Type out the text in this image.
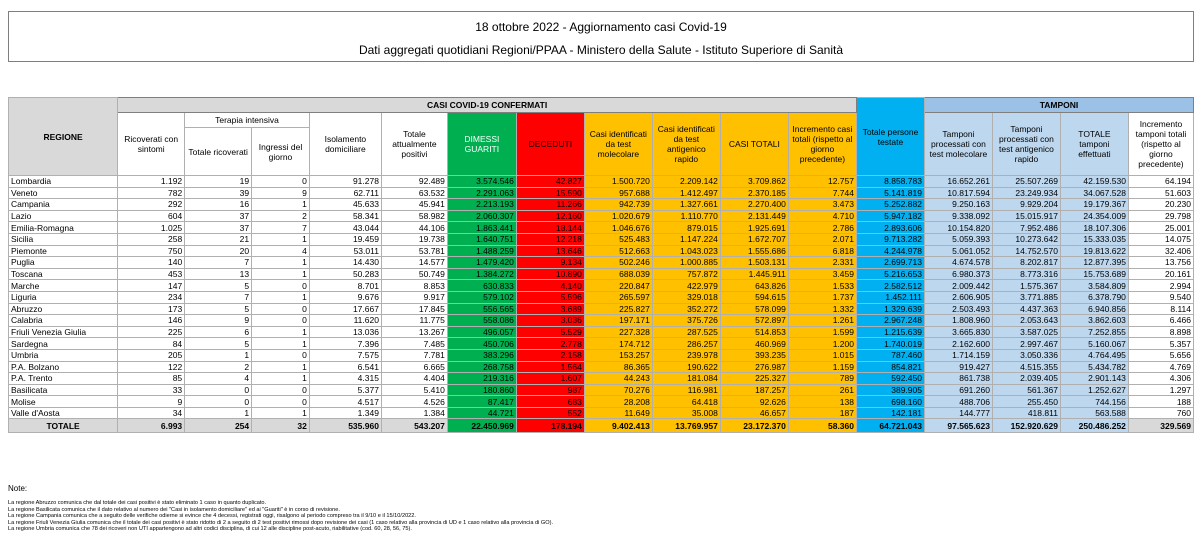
18 ottobre 2022 - Aggiornamento casi Covid-19
Dati aggregati quotidiani Regioni/PPAA - Ministero della Salute - Istituto Superiore di Sanità
REGIONE	CASI COVID-19 CONFERMATI											Totale persone testate	TAMPONI			
	Ricoverati con sintomi	Terapia intensiva		Isolamento domiciliare	Totale attualmente positivi	DIMESSI GUARITI	DECEDUTI	Casi identificati da test molecolare	Casi identificati da test antigenico rapido	CASI TOTALI	Incremento casi totali (rispetto al giorno precedente)		Tamponi processati con test molecolare	Tamponi processati con test antigenico rapido	TOTALE tamponi effettuati	Incremento tamponi totali (rispetto al giorno precedente)
		Totale ricoverati	Ingressi del giorno													
Lombardia	1.192	19	0	91.278	92.489	3.574.546	42.827	1.500.720	2.209.142	3.709.862	12.757	8.858.783	16.652.261	25.507.269	42.159.530	64.194
Veneto	782	39	9	62.711	63.532	2.291.063	15.590	957.688	1.412.497	2.370.185	7.744	5.141.819	10.817.594	23.249.934	34.067.528	51.603
Campania	292	16	1	45.633	45.941	2.213.193	11.266	942.739	1.327.661	2.270.400	3.473	5.252.882	9.250.163	9.929.204	19.179.367	20.230
Lazio	604	37	2	58.341	58.982	2.060.307	12.160	1.020.679	1.110.770	2.131.449	4.710	5.947.182	9.338.092	15.015.917	24.354.009	29.798
Emilia-Romagna	1.025	37	7	43.044	44.106	1.863.441	18.144	1.046.676	879.015	1.925.691	2.786	2.893.606	10.154.820	7.952.486	18.107.306	25.001
Sicilia	258	21	1	19.459	19.738	1.640.751	12.218	525.483	1.147.224	1.672.707	2.071	9.713.282	5.059.393	10.273.642	15.333.035	14.075
Piemonte	750	20	4	53.011	53.781	1.488.259	13.646	512.663	1.043.023	1.555.686	6.818	4.244.978	5.061.052	14.752.570	19.813.622	32.406
Puglia	140	7	1	14.430	14.577	1.479.420	9.134	502.246	1.000.885	1.503.131	2.331	2.699.713	4.674.578	8.202.817	12.877.395	13.756
Toscana	453	13	1	50.283	50.749	1.384.272	10.890	688.039	757.872	1.445.911	3.459	5.216.653	6.980.373	8.773.316	15.753.689	20.161
Marche	147	5	0	8.701	8.853	630.833	4.140	220.847	422.979	643.826	1.533	2.582.512	2.009.442	1.575.367	3.584.809	2.994
Liguria	234	7	1	9.676	9.917	579.102	5.596	265.597	329.018	594.615	1.737	1.452.111	2.606.905	3.771.885	6.378.790	9.540
Abruzzo	173	5	0	17.667	17.845	556.565	3.689	225.827	352.272	578.099	1.332	1.329.639	2.503.493	4.437.363	6.940.856	8.114
Calabria	146	9	0	11.620	11.775	558.086	3.036	197.171	375.726	572.897	1.261	2.967.248	1.808.960	2.053.643	3.862.603	6.466
Friuli Venezia Giulia	225	6	1	13.036	13.267	496.057	5.529	227.328	287.525	514.853	1.599	1.215.639	3.665.830	3.587.025	7.252.855	8.898
Sardegna	84	5	1	7.396	7.485	450.706	2.778	174.712	286.257	460.969	1.200	1.740.019	2.162.600	2.997.467	5.160.067	5.357
Umbria	205	1	0	7.575	7.781	383.296	2.158	153.257	239.978	393.235	1.015	787.460	1.714.159	3.050.336	4.764.495	5.656
P.A. Bolzano	122	2	1	6.541	6.665	268.758	1.564	86.365	190.622	276.987	1.159	854.821	919.427	4.515.355	5.434.782	4.769
P.A. Trento	85	4	1	4.315	4.404	219.316	1.607	44.243	181.084	225.327	789	592.450	861.738	2.039.405	2.901.143	4.306
Basilicata	33	0	0	5.377	5.410	180.860	987	70.276	116.981	187.257	261	389.905	691.260	561.367	1.252.627	1.297
Molise	9	0	0	4.517	4.526	87.417	683	28.208	64.418	92.626	138	698.160	488.706	255.450	744.156	188
Valle d'Aosta	34	1	1	1.349	1.384	44.721	552	11.649	35.008	46.657	187	142.181	144.777	418.811	563.588	760
TOTALE	6.993	254	32	535.960	543.207	22.450.969	178.194	9.402.413	13.769.957	23.172.370	58.360	64.721.043	97.565.623	152.920.629	250.486.252	329.569
Note:
La regione Abruzzo comunica che dal totale dei casi positivi è stato eliminato 1 caso in quanto duplicato.
La regione Basilicata comunica che il dato relativo al numero dei "Casi in isolamento domiciliare" ed ai "Guariti" è in corso di revisione.
La regione Campania comunica che a seguito delle verifiche odierne si evince che 4 decessi, registrati oggi, risalgono al periodo compreso tra il 9/10 e il 15/10/2022.
La regione Friuli Venezia Giulia comunica che il totale dei casi positivi è stato ridotto di 2 a seguito di 2 test positivi rimossi dopo revisione dei casi (1 caso relativo alla provincia di UD e 1 caso relativo alla provincia di GO).
La regione Umbria comunica che 78 dei ricoveri non UTI appartengono ad altri codici disciplina, di cui 12 alle discipline post-acuto, riabilitative (cod. 60, 28, 56, 75).
